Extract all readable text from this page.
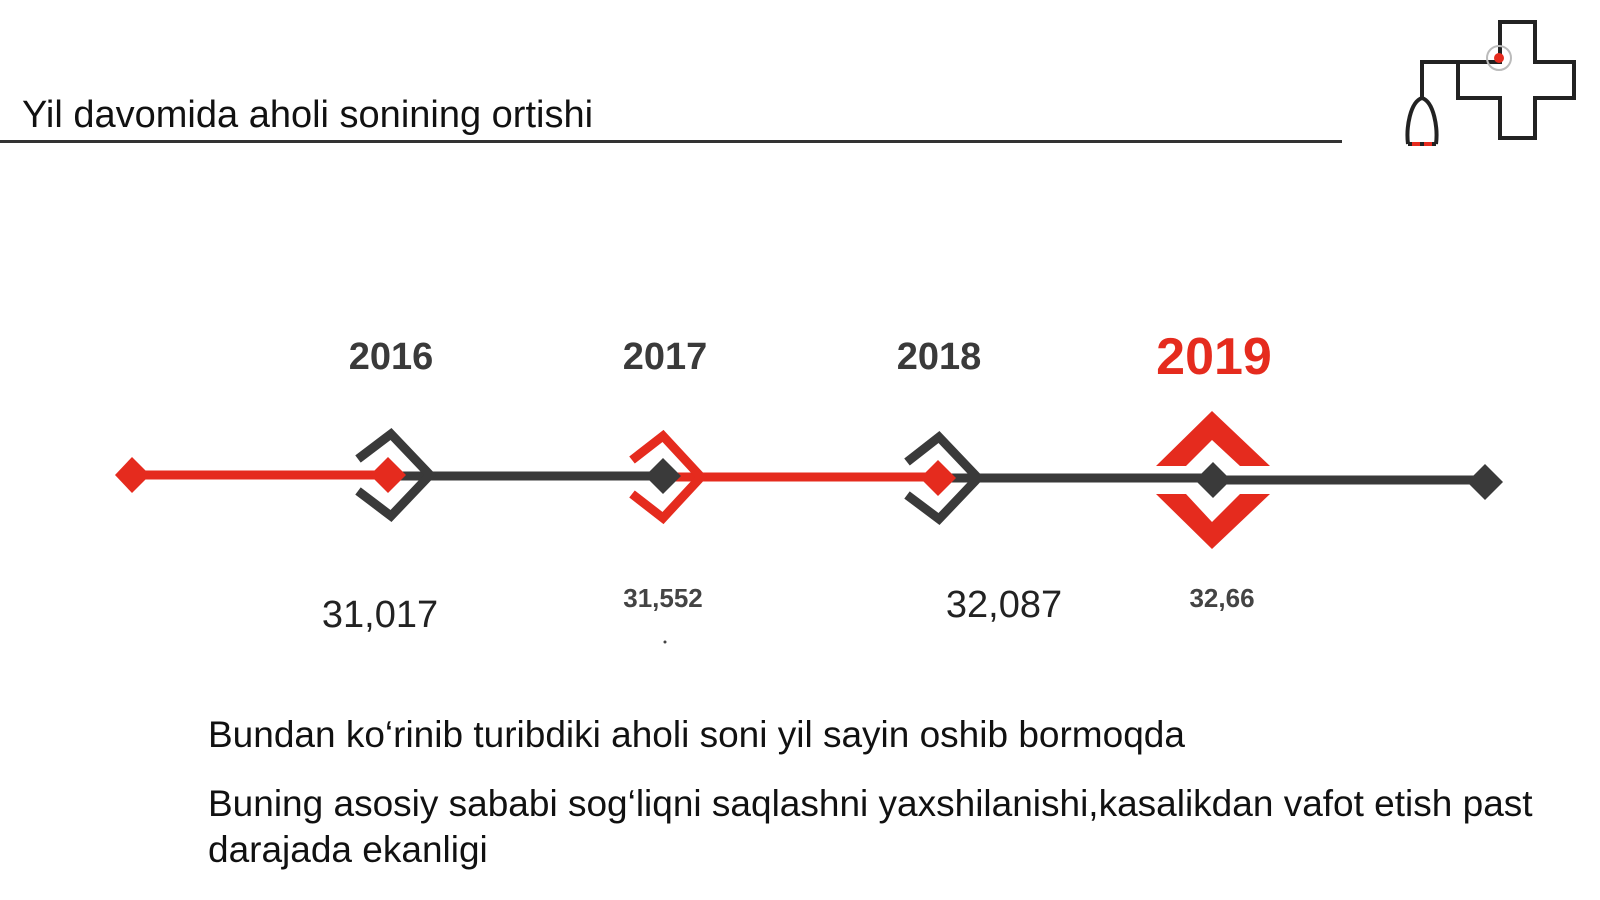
Yil davomida aholi sonining ortishi
2016	2017	2018	2019
31,017	31,552	32,087	32,66
Bundan ko‘rinib turibdiki aholi soni yil sayin oshib bormoqda
Buning asosiy sababi sog‘liqni saqlashni yaxshilanishi,kasalikdan vafot etish past darajada ekanligi
